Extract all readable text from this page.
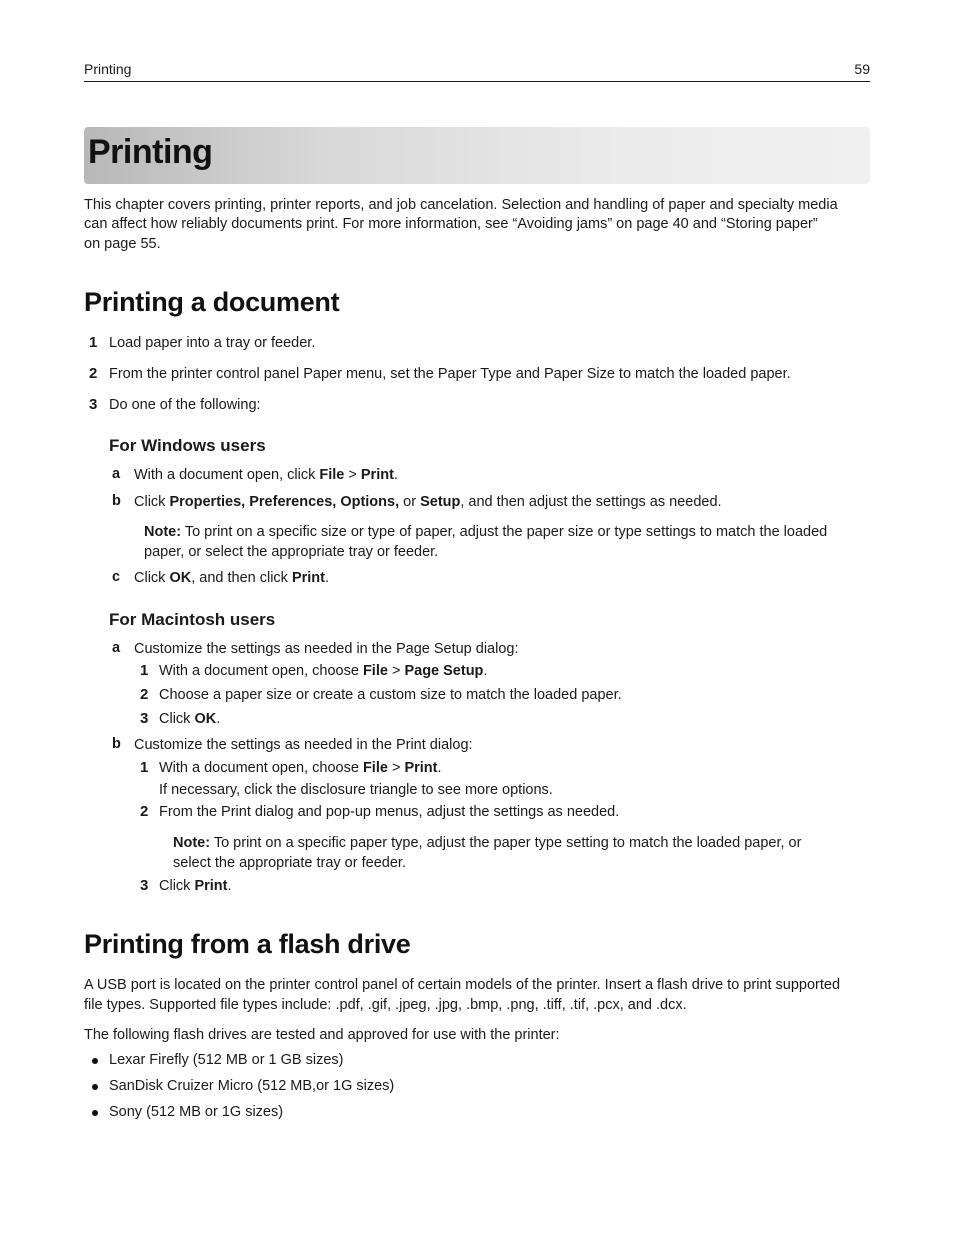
Printing	59
Printing
This chapter covers printing, printer reports, and job cancelation. Selection and handling of paper and specialty media
can affect how reliably documents print. For more information, see “Avoiding jams” on page 40 and “Storing paper”
on page 55.
Printing a document
1 Load paper into a tray or feeder.
2 From the printer control panel Paper menu, set the Paper Type and Paper Size to match the loaded paper.
3 Do one of the following:
For Windows users
a With a document open, click File > Print.
b Click Properties, Preferences, Options, or Setup, and then adjust the settings as needed.
Note: To print on a specific size or type of paper, adjust the paper size or type settings to match the loaded
paper, or select the appropriate tray or feeder.
c Click OK, and then click Print.
For Macintosh users
a Customize the settings as needed in the Page Setup dialog:
1 With a document open, choose File > Page Setup.
2 Choose a paper size or create a custom size to match the loaded paper.
3 Click OK.
b Customize the settings as needed in the Print dialog:
1 With a document open, choose File > Print.
If necessary, click the disclosure triangle to see more options.
2 From the Print dialog and pop-up menus, adjust the settings as needed.
Note: To print on a specific paper type, adjust the paper type setting to match the loaded paper, or
select the appropriate tray or feeder.
3 Click Print.
Printing from a flash drive
A USB port is located on the printer control panel of certain models of the printer. Insert a flash drive to print supported
file types. Supported file types include: .pdf, .gif, .jpeg, .jpg, .bmp, .png, .tiff, .tif, .pcx, and .dcx.
The following flash drives are tested and approved for use with the printer:
Lexar Firefly (512 MB or 1 GB sizes)
SanDisk Cruizer Micro (512 MB,or 1G sizes)
Sony (512 MB or 1G sizes)
